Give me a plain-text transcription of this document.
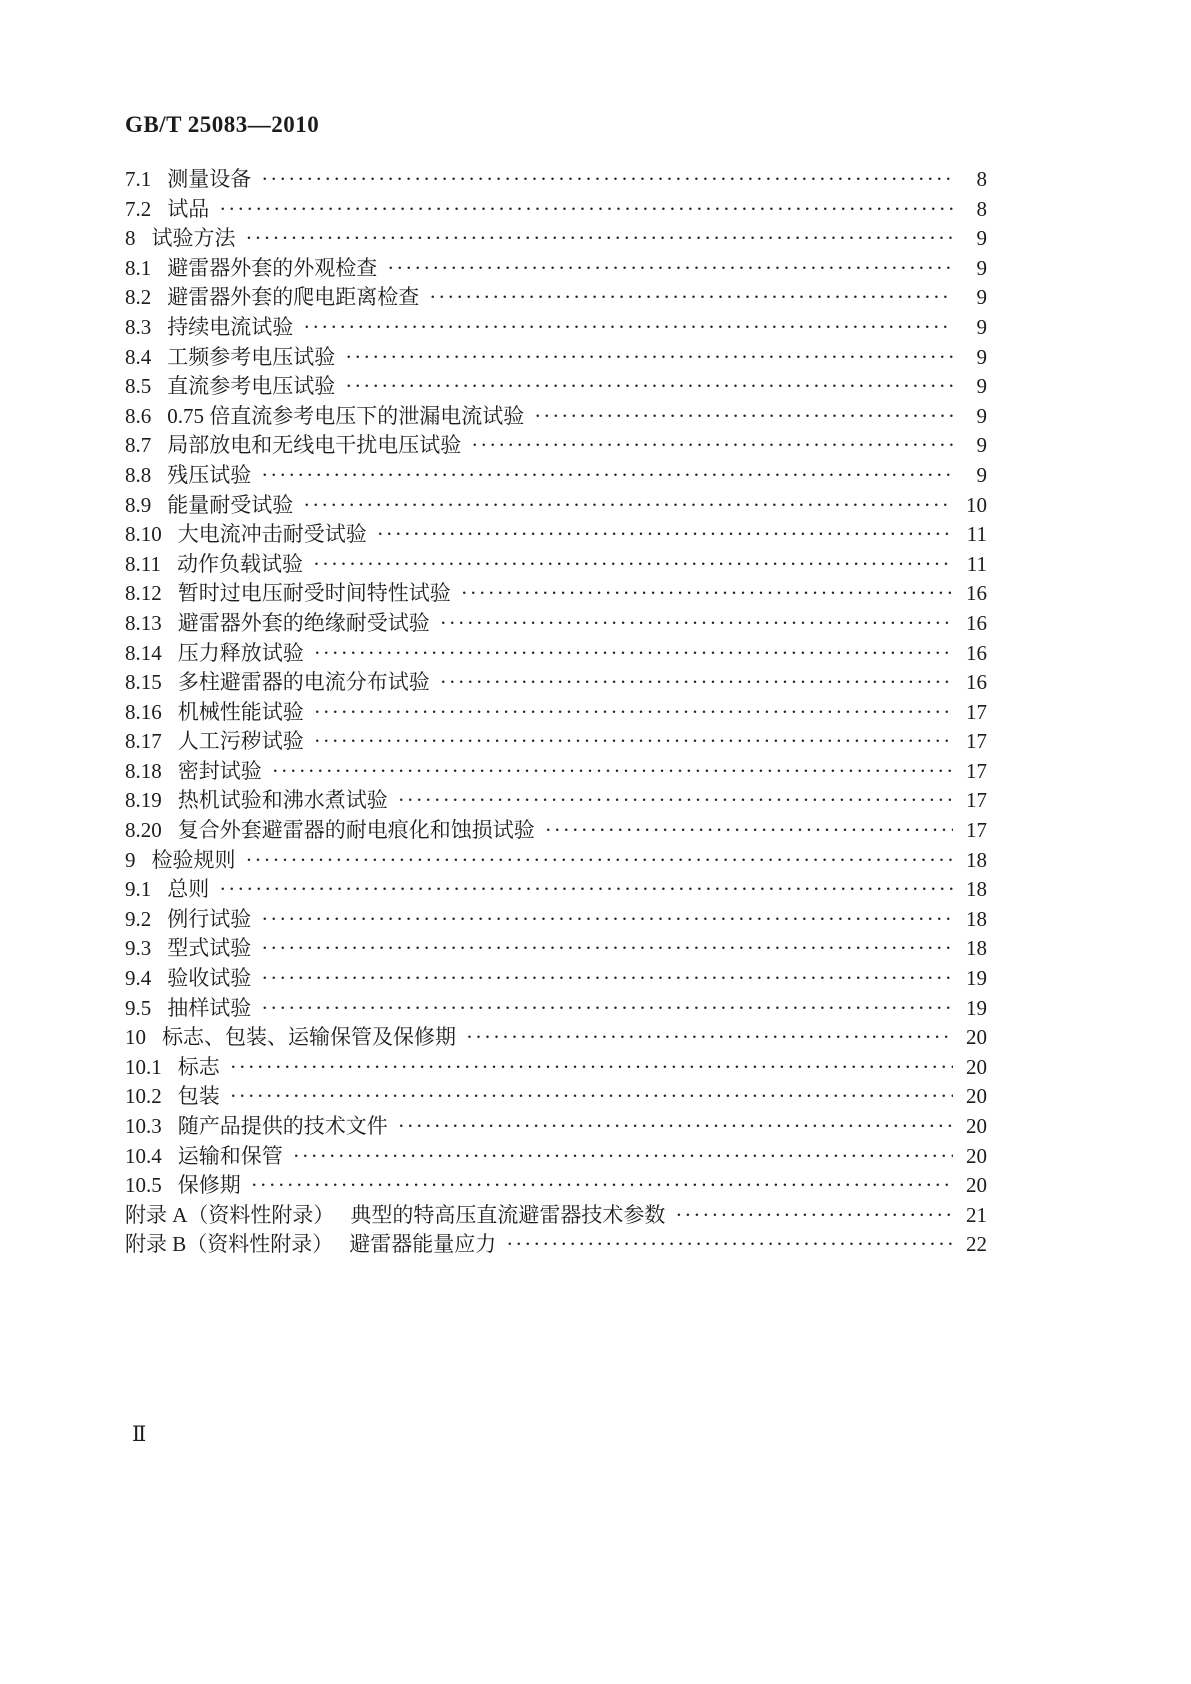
GB/T 25083—2010
7.1 测量设备 ·····	8
7.2 试品 ·····	8
8 试验方法 ·····	9
8.1 避雷器外套的外观检查 ·····	9
8.2 避雷器外套的爬电距离检查 ·····	9
8.3 持续电流试验 ·····	9
8.4 工频参考电压试验 ·····	9
8.5 直流参考电压试验 ·····	9
8.6 0.75 倍直流参考电压下的泄漏电流试验 ·····	9
8.7 局部放电和无线电干扰电压试验 ·····	9
8.8 残压试验 ·····	9
8.9 能量耐受试验 ·····	10
8.10 大电流冲击耐受试验 ·····	11
8.11 动作负载试验 ·····	11
8.12 暂时过电压耐受时间特性试验 ·····	16
8.13 避雷器外套的绝缘耐受试验 ·····	16
8.14 压力释放试验 ·····	16
8.15 多柱避雷器的电流分布试验 ·····	16
8.16 机械性能试验 ·····	17
8.17 人工污秽试验 ·····	17
8.18 密封试验 ·····	17
8.19 热机试验和沸水煮试验 ·····	17
8.20 复合外套避雷器的耐电痕化和蚀损试验 ·····	17
9 检验规则 ·····	18
9.1 总则 ·····	18
9.2 例行试验 ·····	18
9.3 型式试验 ·····	18
9.4 验收试验 ·····	19
9.5 抽样试验 ·····	19
10 标志、包装、运输保管及保修期 ·····	20
10.1 标志 ·····	20
10.2 包装 ·····	20
10.3 随产品提供的技术文件 ·····	20
10.4 运输和保管 ·····	20
10.5 保修期 ·····	20
附录 A（资料性附录） 典型的特高压直流避雷器技术参数 ·····	21
附录 B（资料性附录） 避雷器能量应力 ·····	22
Ⅱ
